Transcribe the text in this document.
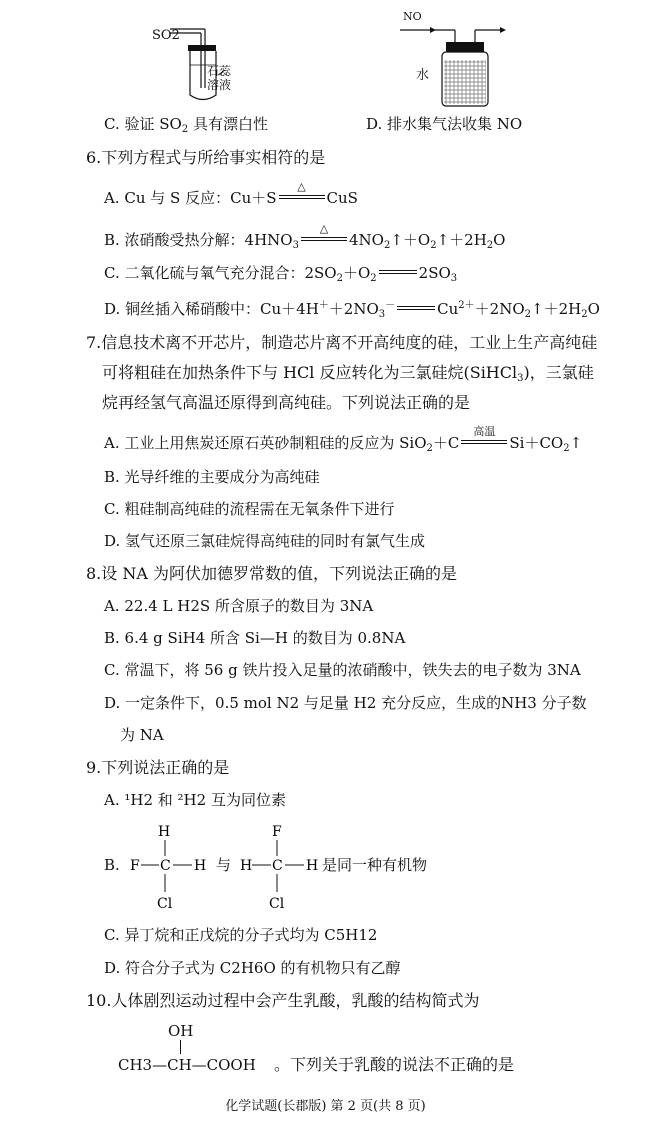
SO2
石蕊
溶液
NO
水
C. 验证 $SO_2$ 具有漂白性	D. 排水集气法收集 NO
6.下列方程式与所给事实相符的是
A. Cu 与 S 反应：Cu＋S
△
CuS
B. 浓硝酸受热分解：$4HNO_3$
△
$4NO_2↑+O_2↑+2H_2O$
C. 二氧化硫与氧气充分混合：$2SO_2+O_2$	$2SO_3$
D. 铜丝插入稀硝酸中：$Cu+4H^++2NO_3^-$	$Cu^{2+}+2NO_2↑+2H_2O$
7.信息技术离不开芯片，制造芯片离不开高纯度的硅，工业上生产高纯硅
可将粗硅在加热条件下与 HCl 反应转化为三氯硅烷(SiHCl$_3$)，三氯硅
烷再经氢气高温还原得到高纯硅。下列说法正确的是
A. 工业上用焦炭还原石英砂制粗硅的反应为 SiO$_2$＋C
高温
$Si+CO_2↑$
B. 光导纤维的主要成分为高纯硅
C. 粗硅制高纯硅的流程需在无氧条件下进行
D. 氢气还原三氯硅烷得高纯硅的同时有氯气生成
8.设 NA 为阿伏加德罗常数的值，下列说法正确的是
A. 22.4 L H2S 所含原子的数目为 3NA
B. 6.4 g SiH4 所含 Si—H 的数目为 0.8NA
C. 常温下，将 56 g 铁片投入足量的浓硝酸中，铁失去的电子数为 3NA
D. 一定条件下，0.5 mol N2 与足量 H2 充分反应，生成的NH3 分子数
为 NA
9.下列说法正确的是
A. ¹H2 和 ²H2 互为同位素
B.
H
F C H
Cl
与
F
H C H
Cl
是同一种有机物
C. 异丁烷和正戊烷的分子式均为 C5H12
D. 符合分子式为 C2H6O 的有机物只有乙醇
10.人体剧烈运动过程中会产生乳酸，乳酸的结构简式为
OH
CH3—CH—COOH 。下列关于乳酸的说法不正确的是
化学试题(长郡版) 第 2 页(共 8 页)
